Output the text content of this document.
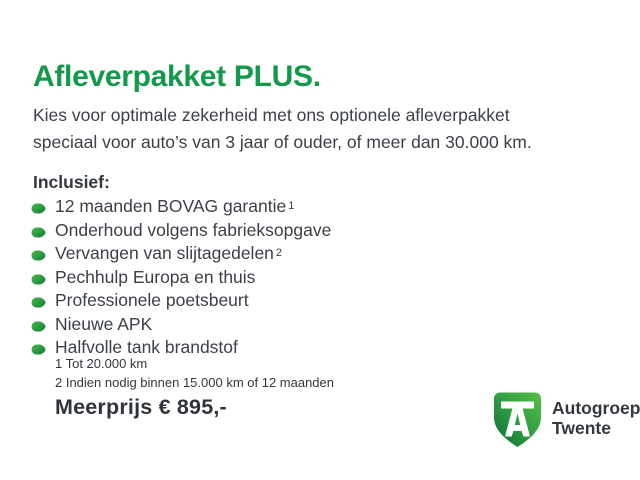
Afleverpakket PLUS.

Kies voor optimale zekerheid met ons optionele afleverpakket
speciaal voor auto’s van 3 jaar of ouder, of meer dan 30.000 km.

Inclusief:
12 maanden BOVAG garantie$^1$
Onderhoud volgens fabrieksopgave
Vervangen van slijtagedelen$^2$
Pechhulp Europa en thuis
Professionele poetsbeurt
Nieuwe APK
Halfvolle tank brandstof
1 Tot 20.000 km
2 Indien nodig binnen 15.000 km of 12 maanden
Meerprijs € 895,-	Autogroep
Twente
